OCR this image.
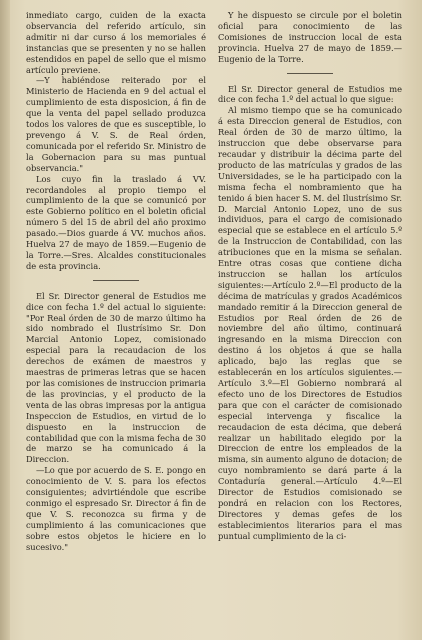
inmediato cargo, cuiden de la exacta observancia del referido artículo, sin admitir ni dar curso á los memoriales é instancias que se presenten y no se hallen estendidos en papel de sello que el mismo artículo previene.

—Y habiéndose reiterado por el Ministerio de Hacienda en 9 del actual el cumplimiento de esta disposicion, á fin de que la venta del papel sellado produzca todos los valores de que es susceptible, lo prevengo á V. S. de Real órden, comunicada por el referido Sr. Ministro de la Gobernacion para su mas puntual observancia."

Los cuyo fin la traslado á VV. recordandoles al propio tiempo el cumplimiento de la que se comunicó por este Gobierno político en el boletin oficial número 5 del 15 de abril del año proximo pasado.—Dios guarde á VV. muchos años. Huelva 27 de mayo de 1859.—Eugenio de la Torre.—Sres. Alcaldes constitucionales de esta provincia.

El Sr. Director general de Estudios me dice con fecha 1.º del actual lo siguiente: "Por Real órden de 30 de marzo último ha sido nombrado el Ilustrísimo Sr. Don Marcial Antonio Lopez, comisionado especial para la recaudacion de los derechos de exámen de maestros y maestras de primeras letras que se hacen por las comisiones de instruccion primaria de las provincias, y el producto de la venta de las obras impresas por la antigua Inspeccion de Estudios, en virtud de lo dispuesto en la instruccion de contabilidad que con la misma fecha de 30 de marzo se ha comunicado á la Direccion.

—Lo que por acuerdo de S. E. pongo en conocimiento de V. S. para los efectos consiguientes; advirtiéndole que escribe conmigo el espresado Sr. Director á fin de que V. S. reconozca su firma y de cumplimiento á las comunicaciones que sobre estos objetos le hiciere en lo sucesivo."

Y he dispuesto se circule por el boletin oficial para conocimiento de las Comisiones de instruccion local de esta provincia. Huelva 27 de mayo de 1859.—Eugenio de la Torre.

El Sr. Director general de Estudios me dice con fecha 1.º del actual lo que sigue:

Al mismo tiempo que se ha comunicado á esta Direccion general de Estudios, con Real órden de 30 de marzo último, la instruccion que debe observarse para recaudar y distribuir la décima parte del producto de las matrículas y grados de las Universidades, se le ha participado con la misma fecha el nombramiento que ha tenido á bien hacer S. M. del Ilustrísimo Sr. D. Marcial Antonio Lopez, uno de sus individuos, para el cargo de comisionado especial que se establece en el artículo 5.º de la Instruccion de Contabilidad, con las atribuciones que en la misma se señalan. Entre otras cosas que contiene dicha instruccion se hallan los artículos siguientes:—Artículo 2.º—El producto de la décima de matrículas y grados Académicos mandado remitir á la Direccion general de Estudios por Real órden de 26 de noviembre del año último, continuará ingresando en la misma Direccion con destino á los objetos á que se halla aplicado, bajo las reglas que se establecerán en los artículos siguientes.—Artículo 3.º—El Gobierno nombrará al efecto uno de los Directores de Estudios para que con el carácter de comisionado especial intervenga y fiscalice la recaudacion de esta décima, que deberá realizar un habilitado elegido por la Direccion de entre los empleados de la misma, sin aumento alguno de dotacion; de cuyo nombramiento se dará parte á la Contaduría general.—Artículo 4.º—El Director de Estudios comisionado se pondrá en relacion con los Rectores, Directores y demas gefes de los establecimientos literarios para el mas puntual cumplimiento de la ci-
